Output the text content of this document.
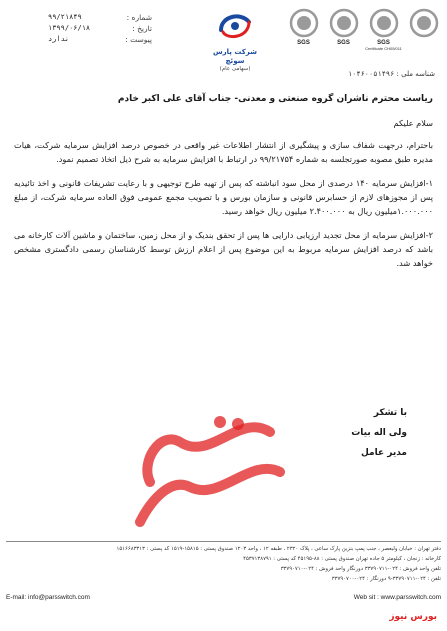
شماره :
۹۹/۲۱۸۴۹
تاریخ :
۱۳۹۹/۰۶/۱۸
پیوست :
ندارد
شرکت پارس سوئچ
(سهامی عام)
SGS	SGS	SGS
Certificate CH05/011
شناسه ملی : ۱۰۴۶۰۰۵۱۴۹۶
ریاست محترم ناشران گروه صنعتی و معدنی- جناب آقای علی اکبر خادم
سلام علیکم

باحترام، درجهت شفاف سازی و پیشگیری از انتشار اطلاعات غیر واقعی در خصوص درصد افزایش سرمایه شرکت، هیات مدیره طبق مصوبه صورتجلسه به شماره ۹۹/۲۱۷۵۴ در ارتباط با افزایش سرمایه به شرح ذیل اتخاذ تصمیم نمود.

۱-افزایش سرمایه ۱۴۰ درصدی از محل سود انباشته که پس از تهیه طرح توجیهی و با رعایت تشریفات قانونی و اخذ تائیدیه پس از مجوزهای لازم از حسابرس قانونی و سازمان بورس و با تصویب مجمع عمومی فوق العاده سرمایه شرکت، از مبلغ ۱.۰۰۰.۰۰۰میلیون ریال به ۲.۴۰۰.۰۰۰ میلیون ریال خواهد رسید.

۲-افزایش سرمایه از محل تجدید ارزیابی دارایی ها پس از تحقق بندیک و از محل زمین، ساختمان و ماشین آلات کارخانه می باشد که درصد افزایش سرمایه مربوط به این موضوع پس از اعلام ارزش توسط کارشناسان رسمی دادگستری مشخص خواهد شد.

با تشکر
ولی اله بیات
مدیر عامل
دفتر تهران : خیابان ولیعصر ، جنب پمپ بنزین پارک ساعی ، پلاک ۲۳۲۰ ، طبقه ۱۲ ، واحد ۱۲۰۳ صندوق پستی : ۱۵۸۱۵-۱۵۱۹ کد پستی : ۱۵۱۶۶۸۳۳۱۳
کارخانه : زنجان ، کیلومتر ۵ جاده تهران صندوق پستی : ۸۸-۴۵۱۹۵ کد پستی : ۴۵۳۷۱۳۸۷۹۱
تلفن واحد فروش : ۰۲۴-۳۳۷۹۰۷۱۱ دورنگار واحد فروش : ۰۲۴-۳۳۷۹۰۷۱۰
تلفن : ۰۲۴-۳۳۷۹۰۷۱۱-۹ دورنگار : ۰۲۴-۳۳۷۹۰۷۰۰
E-mail: info@parsswitch.com	Web sit : www.parsswitch.com
بورس نیوز
